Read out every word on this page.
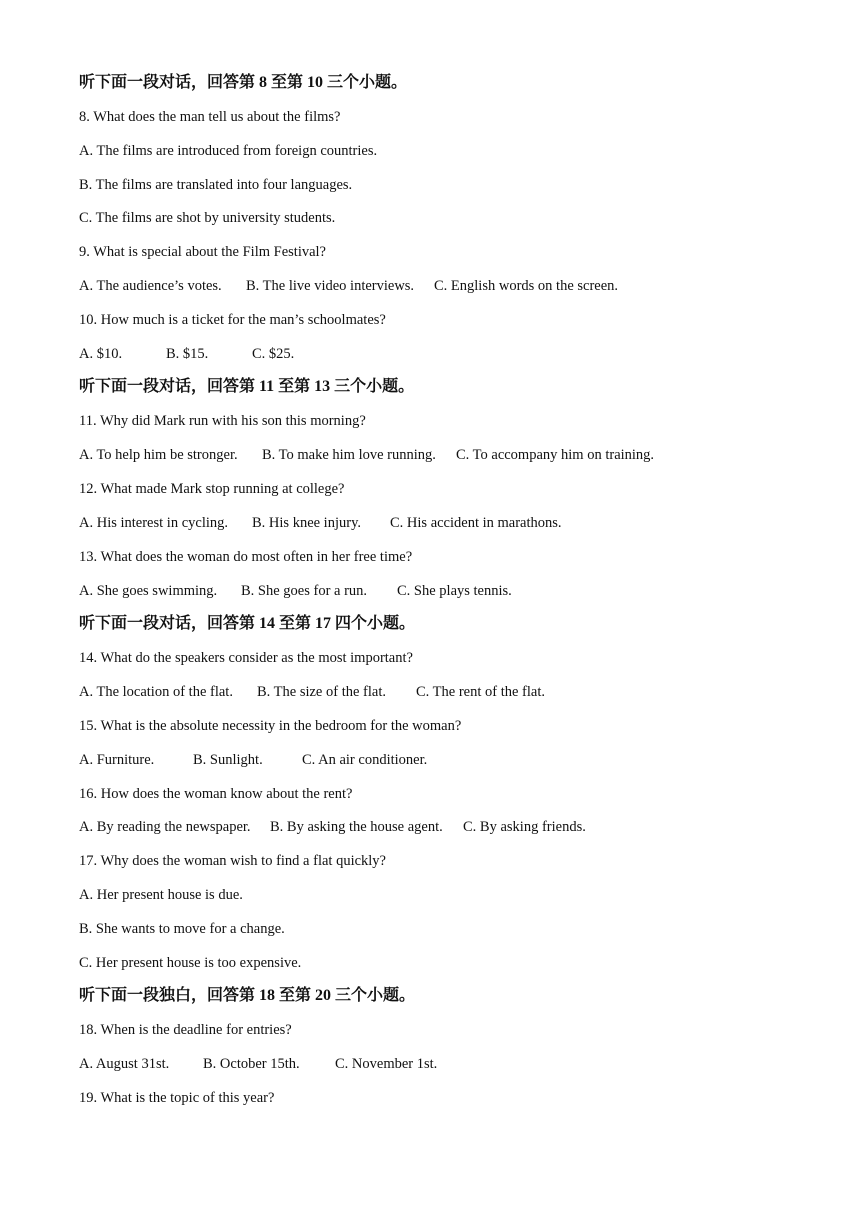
听下面一段对话，回答第 8 至第 10 三个小题。
8. What does the man tell us about the films?
A. The films are introduced from foreign countries.
B. The films are translated into four languages.
C. The films are shot by university students.
9. What is special about the Film Festival?
A. The audience’s votes. B. The live video interviews. C. English words on the screen.
10. How much is a ticket for the man’s schoolmates?
A. $10.	B. $15.	C. $25.
听下面一段对话，回答第 11 至第 13 三个小题。
11. Why did Mark run with his son this morning?
A. To help him be stronger. B. To make him love running. C. To accompany him on training.
12. What made Mark stop running at college?
A. His interest in cycling. B. His knee injury. C. His accident in marathons.
13. What does the woman do most often in her free time?
A. She goes swimming. B. She goes for a run. C. She plays tennis.
听下面一段对话，回答第 14 至第 17 四个小题。
14. What do the speakers consider as the most important?
A. The location of the flat. B. The size of the flat. C. The rent of the flat.
15. What is the absolute necessity in the bedroom for the woman?
A. Furniture.	B. Sunlight.	C. An air conditioner.
16. How does the woman know about the rent?
A. By reading the newspaper. B. By asking the house agent. C. By asking friends.
17. Why does the woman wish to find a flat quickly?
A. Her present house is due.
B. She wants to move for a change.
C. Her present house is too expensive.
听下面一段独白，回答第 18 至第 20 三个小题。
18. When is the deadline for entries?
A. August 31st. B. October 15th. C. November 1st.
19. What is the topic of this year?
